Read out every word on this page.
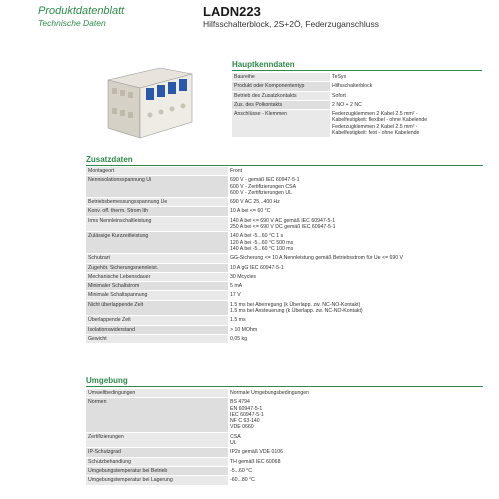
Produktdatenblatt
Technische Daten
LADN223
Hilfsschalterblock, 2S+2Ö, Federzuganschluss
Hauptkenndaten
Baureihe	TeSys

Produkt oder Komponententyp	Hilfsschalterblock

Betrieb des Zusatzkontakts	Sofort

Zus. des Polkontakts	2 NO + 2 NC

Anschlüsse - Klemmen	Federzugklemmen 2 Kabel 2.5 mm² -
Kabelfestigkeit: flexibel - ohne Kabelende
Federzugklemmen 2 Kabel 2.5 mm² -
Kabelfestigkeit: fest - ohne Kabelende
Zusatzdaten
Montageort	Front

Nennisolationsspannung Ui	690 V - gemäß IEC 60947-5-1
600 V - Zertifizierungen CSA
600 V - Zertifizierungen UL

Betriebsbemessungsspannung Ue	690 V AC 25...400 Hz

Konv. off. therm. Strom Ith	10 A bei <= 60 °C

Irms Nennleinschaltleistung	140 A bei <= 690 V AC gemäß IEC 60947-5-1
250 A bei <= 690 V DC gemäß IEC 60947-5-1

Zulässige Kurzzeitleistung	140 A bei -5...60 °C 1 s
120 A bei -5...60 °C 500 ms
140 A bei -5...60 °C 100 ms

Schutzart	GG-Sicherung <= 10 A Nennleistung gemäß Betriebsstrom für Ue <= 690 V

Zugehör. Sicherungsnennleist.	10 A gG IEC 60947-5-1

Mechanische Lebensdauer	30 Mcycles

Minimaler Schaltstrom	5 mA

Minimale Schaltspannung	17 V

Nicht überlappende Zeit	1.5 ms bei Aberregung (k Überlapp. zw. NC-NO-Kontakt)
1.5 ms bei Ansteuerung (k Überlapp. zw. NC-NO-Kontakt)

Überlappende Zeit	1.5 ms

Isolationswiderstand	> 10 MOhm

Gewicht	0,05 kg
Umgebung
Umweltbedingungen	Normale Umgebungsbedingungen

Normen	BS 4794
EN 60947-5-1
IEC 60947-5-1
NF C 63-140
VDE 0660

Zertifizierungen	CSA
UL

IP-Schutzgrad	IP2x gemäß VDE 0106

Schutzbehandlung	TH gemäß IEC 60068

Umgebungstemperatur bei Betrieb	-5...60 °C

Umgebungstemperatur bei Lagerung	-60...80 °C
